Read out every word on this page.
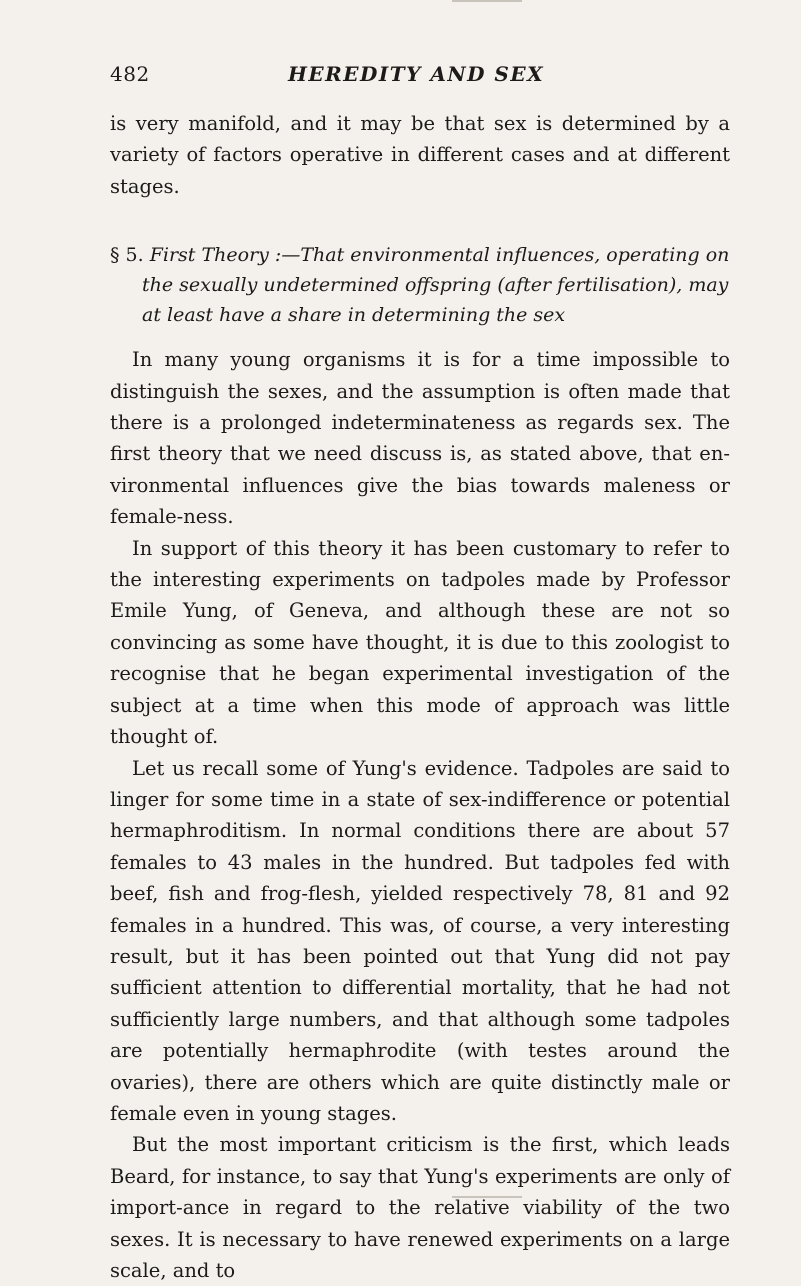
482	HEREDITY AND SEX

is very manifold, and it may be that sex is determined by a variety of factors operative in different cases and at different stages.

§ 5. First Theory :—That environmental influences, operating on the sexually undetermined offspring (after fertilisation), may at least have a share in determining the sex

In many young organisms it is for a time impossible to distinguish the sexes, and the assumption is often made that there is a prolonged indeterminateness as regards sex. The first theory that we need discuss is, as stated above, that en-vironmental influences give the bias towards maleness or female-ness.

In support of this theory it has been customary to refer to the interesting experiments on tadpoles made by Professor Emile Yung, of Geneva, and although these are not so convincing as some have thought, it is due to this zoologist to recognise that he began experimental investigation of the subject at a time when this mode of approach was little thought of.

Let us recall some of Yung's evidence. Tadpoles are said to linger for some time in a state of sex-indifference or potential hermaphroditism. In normal conditions there are about 57 females to 43 males in the hundred. But tadpoles fed with beef, fish and frog-flesh, yielded respectively 78, 81 and 92 females in a hundred. This was, of course, a very interesting result, but it has been pointed out that Yung did not pay sufficient attention to differential mortality, that he had not sufficiently large numbers, and that although some tadpoles are potentially hermaphrodite (with testes around the ovaries), there are others which are quite distinctly male or female even in young stages.

But the most important criticism is the first, which leads Beard, for instance, to say that Yung's experiments are only of import-ance in regard to the relative viability of the two sexes. It is necessary to have renewed experiments on a large scale, and to
